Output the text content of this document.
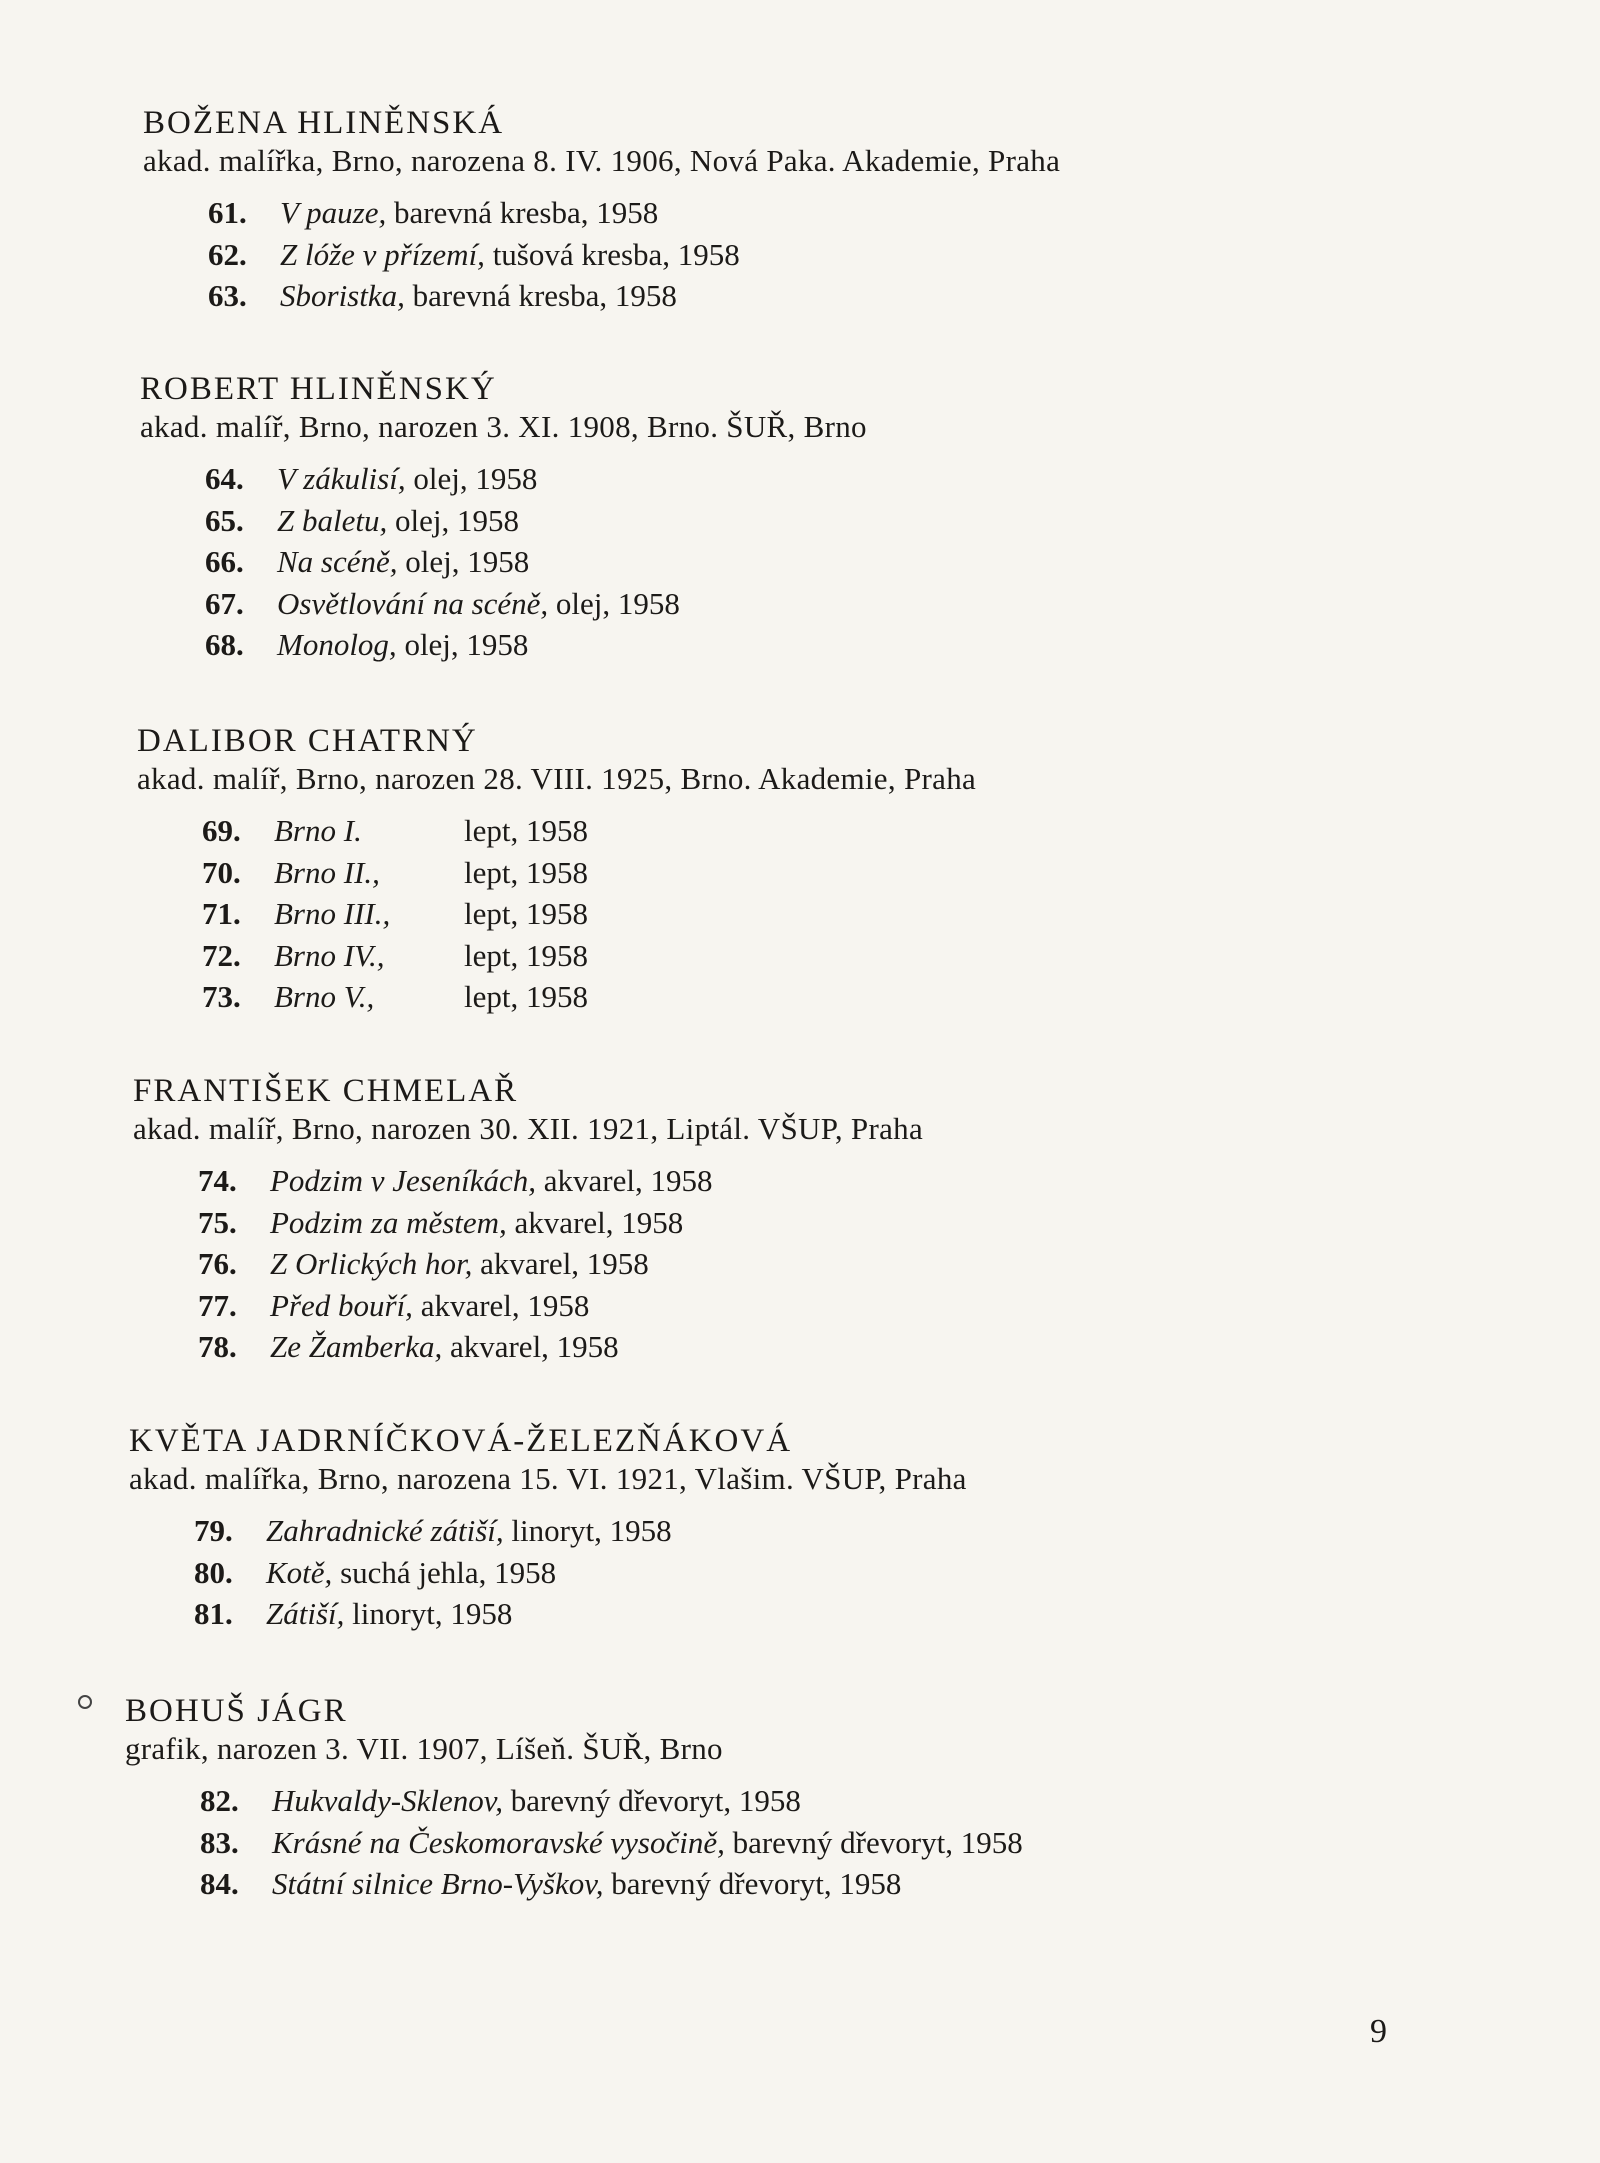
BOŽENA HLINĚNSKÁ
akad. malířka, Brno, narozena 8. IV. 1906, Nová Paka. Akademie, Praha
61.	V pauze, barevná kresba, 1958
62.	Z lóže v přízemí, tušová kresba, 1958
63.	Sboristka, barevná kresba, 1958
ROBERT HLINĚNSKÝ
akad. malíř, Brno, narozen 3. XI. 1908, Brno. ŠUŘ, Brno
64.	V zákulisí, olej, 1958
65.	Z baletu, olej, 1958
66.	Na scéně, olej, 1958
67.	Osvětlování na scéně, olej, 1958
68.	Monolog, olej, 1958
DALIBOR CHATRNÝ
akad. malíř, Brno, narozen 28. VIII. 1925, Brno. Akademie, Praha
69.	Brno I.	lept, 1958
70.	Brno II.,	lept, 1958
71.	Brno III.,	lept, 1958
72.	Brno IV.,	lept, 1958
73.	Brno V.,	lept, 1958
FRANTIŠEK CHMELAŘ
akad. malíř, Brno, narozen 30. XII. 1921, Liptál. VŠUP, Praha
74.	Podzim v Jeseníkách, akvarel, 1958
75.	Podzim za městem, akvarel, 1958
76.	Z Orlických hor, akvarel, 1958
77.	Před bouří, akvarel, 1958
78.	Ze Žamberka, akvarel, 1958
KVĚTA JADRNÍČKOVÁ-ŽELEZŇÁKOVÁ
akad. malířka, Brno, narozena 15. VI. 1921, Vlašim. VŠUP, Praha
79.	Zahradnické zátiší, linoryt, 1958
80.	Kotě, suchá jehla, 1958
81.	Zátiší, linoryt, 1958
BOHUŠ JÁGR
grafik, narozen 3. VII. 1907, Líšeň. ŠUŘ, Brno
82.	Hukvaldy-Sklenov, barevný dřevoryt, 1958
83.	Krásné na Českomoravské vysočině, barevný dřevoryt, 1958
84.	Státní silnice Brno-Vyškov, barevný dřevoryt, 1958
9
